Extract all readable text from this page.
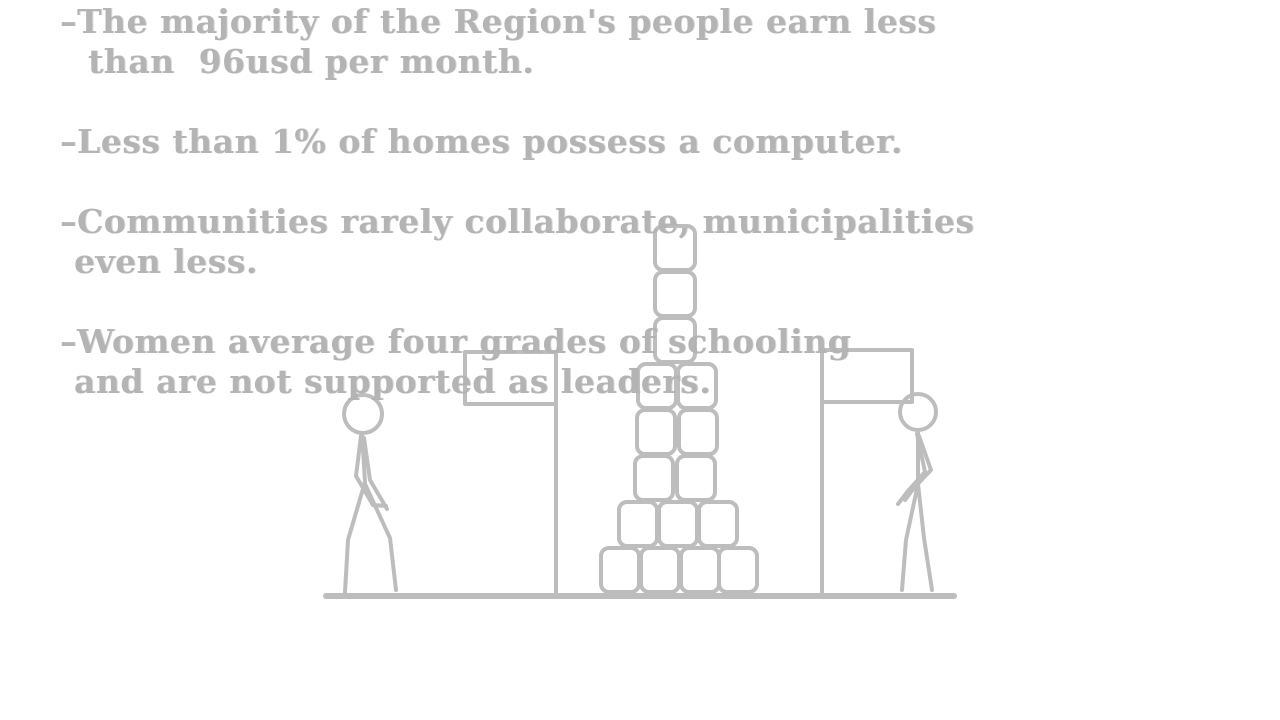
–The majority of the Region's people earn less

than  96usd per month.

–Less than 1% of homes possess a computer.

–Communities rarely collaborate, municipalities

even less.

–Women average four grades of schooling

and are not supported as leaders.
